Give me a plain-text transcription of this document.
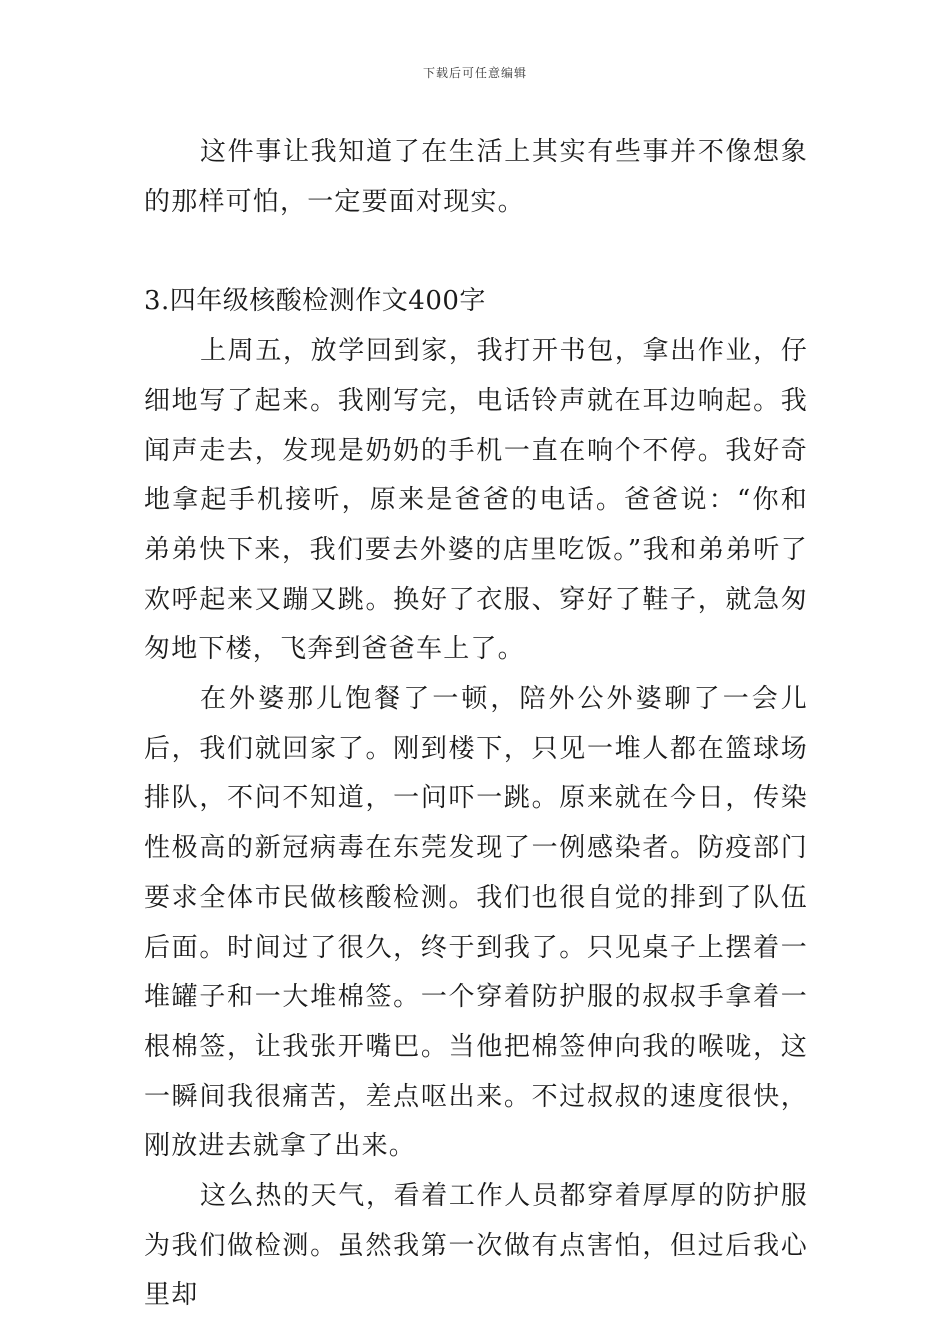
下载后可任意编辑

这件事让我知道了在生活上其实有些事并不像想象的那样可怕，一定要面对现实。

3.四年级核酸检测作文400字

上周五，放学回到家，我打开书包，拿出作业，仔细地写了起来。我刚写完，电话铃声就在耳边响起。我闻声走去，发现是奶奶的手机一直在响个不停。我好奇地拿起手机接听，原来是爸爸的电话。爸爸说：“你和弟弟快下来，我们要去外婆的店里吃饭。”我和弟弟听了欢呼起来又蹦又跳。换好了衣服、穿好了鞋子，就急匆匆地下楼，飞奔到爸爸车上了。

在外婆那儿饱餐了一顿，陪外公外婆聊了一会儿后，我们就回家了。刚到楼下，只见一堆人都在篮球场排队，不问不知道，一问吓一跳。原来就在今日，传染性极高的新冠病毒在东莞发现了一例感染者。防疫部门要求全体市民做核酸检测。我们也很自觉的排到了队伍后面。时间过了很久，终于到我了。只见桌子上摆着一堆罐子和一大堆棉签。一个穿着防护服的叔叔手拿着一根棉签，让我张开嘴巴。当他把棉签伸向我的喉咙，这一瞬间我很痛苦，差点呕出来。不过叔叔的速度很快，刚放进去就拿了出来。

这么热的天气，看着工作人员都穿着厚厚的防护服为我们做检测。虽然我第一次做有点害怕，但过后我心里却
